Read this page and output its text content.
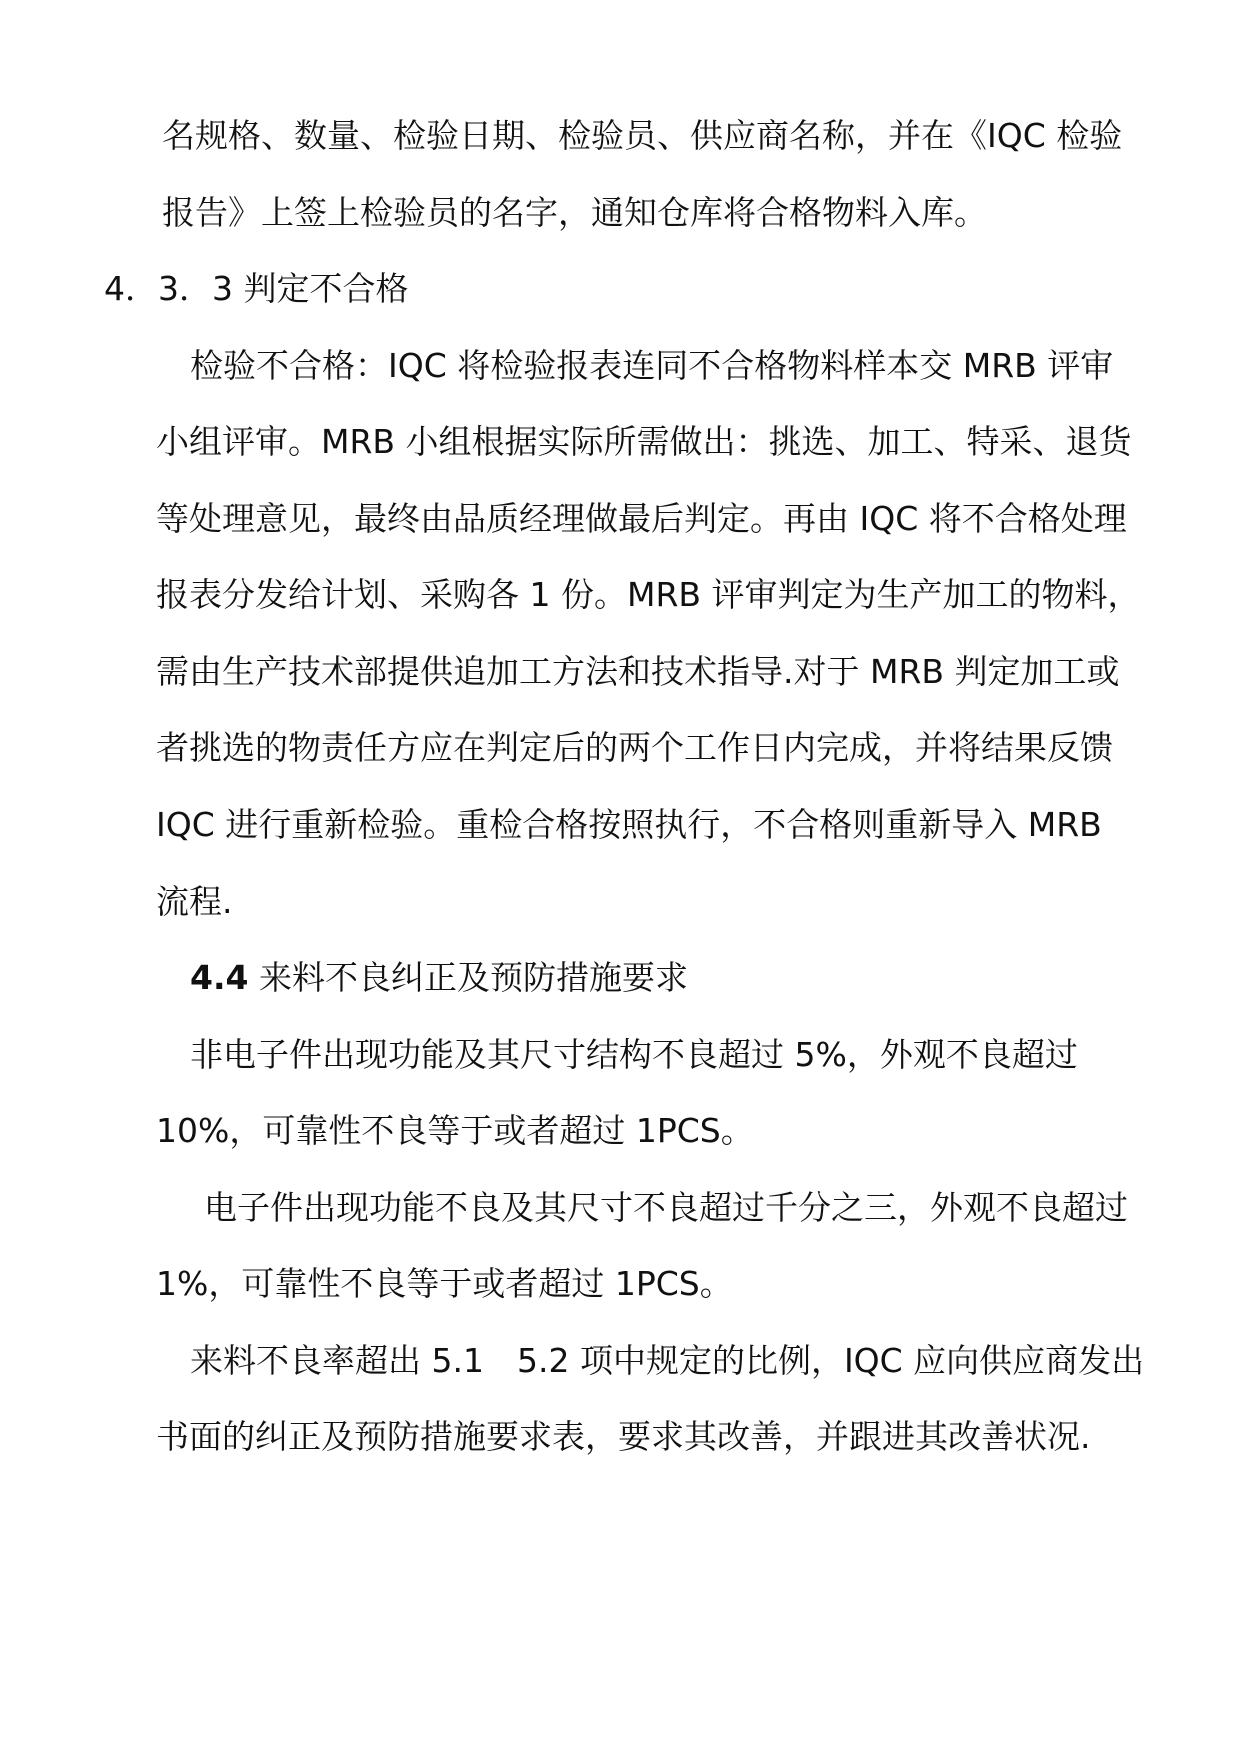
名规格、数量、检验日期、检验员、供应商名称，并在《IQC 检验
报告》上签上检验员的名字，通知仓库将合格物料入库。
4．3．3 判定不合格
检验不合格：IQC 将检验报表连同不合格物料样本交 MRB 评审
小组评审。MRB 小组根据实际所需做出：挑选、加工、特采、退货
等处理意见，最终由品质经理做最后判定。再由 IQC 将不合格处理
报表分发给计划、采购各 1 份。MRB 评审判定为生产加工的物料，
需由生产技术部提供追加工方法和技术指导.对于 MRB 判定加工或
者挑选的物责任方应在判定后的两个工作日内完成，并将结果反馈
IQC 进行重新检验。重检合格按照执行，不合格则重新导入 MRB
流程.
4.4 来料不良纠正及预防措施要求
非电子件出现功能及其尺寸结构不良超过 5%，外观不良超过
10%，可靠性不良等于或者超过 1PCS。
电子件出现功能不良及其尺寸不良超过千分之三，外观不良超过
1%，可靠性不良等于或者超过 1PCS。
来料不良率超出 5.1　5.2 项中规定的比例，IQC 应向供应商发出
书面的纠正及预防措施要求表，要求其改善，并跟进其改善状况.
